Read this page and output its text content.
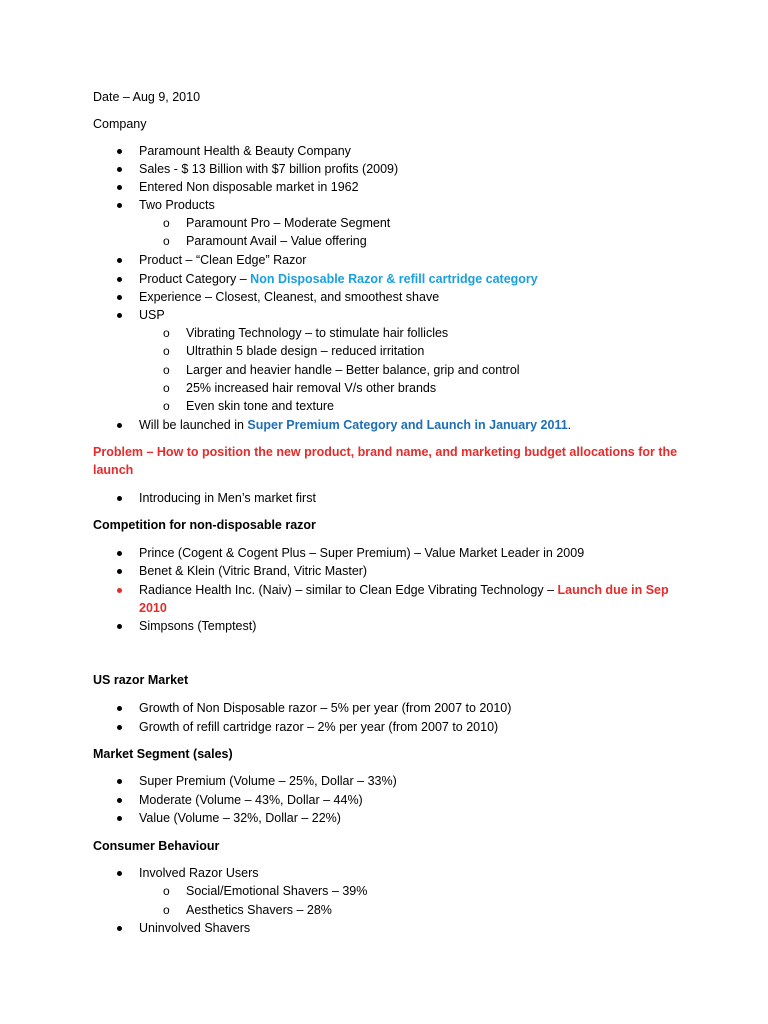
Date – Aug 9, 2010
Company
Paramount Health & Beauty Company
Sales - $ 13 Billion with $7 billion profits (2009)
Entered Non disposable market in 1962
Two Products
o Paramount Pro – Moderate Segment
o Paramount Avail – Value offering
Product – “Clean Edge” Razor
Product Category – Non Disposable Razor & refill cartridge category
Experience – Closest, Cleanest, and smoothest shave
USP
o Vibrating Technology – to stimulate hair follicles
o Ultrathin 5 blade design – reduced irritation
o Larger and heavier handle – Better balance, grip and control
o 25% increased hair removal V/s other brands
o Even skin tone and texture
Will be launched in Super Premium Category and Launch in January 2011.
Problem – How to position the new product, brand name, and marketing budget allocations for the launch
Introducing in Men’s market first
Competition for non-disposable razor
Prince (Cogent & Cogent Plus – Super Premium) – Value Market Leader in 2009
Benet & Klein (Vitric Brand, Vitric Master)
Radiance Health Inc. (Naiv) – similar to Clean Edge Vibrating Technology – Launch due in Sep
2010
Simpsons (Temptest)
US razor Market
Growth of Non Disposable razor – 5% per year (from 2007 to 2010)
Growth of refill cartridge razor – 2% per year (from 2007 to 2010)
Market Segment (sales)
Super Premium (Volume – 25%, Dollar – 33%)
Moderate (Volume – 43%, Dollar – 44%)
Value (Volume – 32%, Dollar – 22%)
Consumer Behaviour
Involved Razor Users
o Social/Emotional Shavers – 39%
o Aesthetics Shavers – 28%
Uninvolved Shavers
